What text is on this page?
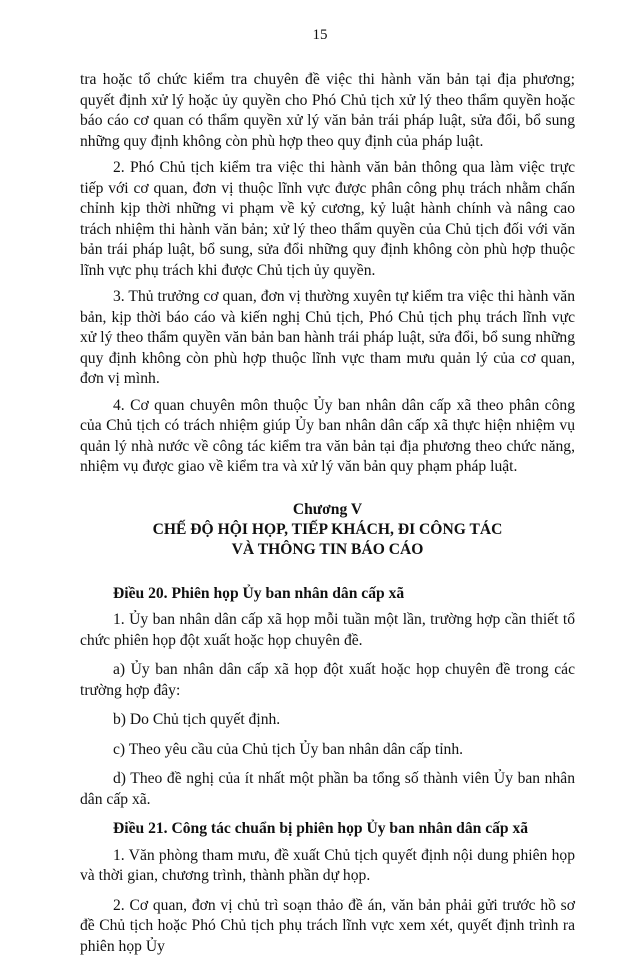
15

tra hoặc tổ chức kiểm tra chuyên đề việc thi hành văn bản tại địa phương; quyết định xử lý hoặc ủy quyền cho Phó Chủ tịch xử lý theo thẩm quyền hoặc báo cáo cơ quan có thẩm quyền xử lý văn bản trái pháp luật, sửa đổi, bổ sung những quy định không còn phù hợp theo quy định của pháp luật.

2. Phó Chủ tịch kiểm tra việc thi hành văn bản thông qua làm việc trực tiếp với cơ quan, đơn vị thuộc lĩnh vực được phân công phụ trách nhằm chấn chỉnh kịp thời những vi phạm về kỷ cương, kỷ luật hành chính và nâng cao trách nhiệm thi hành văn bản; xử lý theo thẩm quyền của Chủ tịch đối với văn bản trái pháp luật, bổ sung, sửa đổi những quy định không còn phù hợp thuộc lĩnh vực phụ trách khi được Chủ tịch ủy quyền.

3. Thủ trưởng cơ quan, đơn vị thường xuyên tự kiểm tra việc thi hành văn bản, kịp thời báo cáo và kiến nghị Chủ tịch, Phó Chủ tịch phụ trách lĩnh vực xử lý theo thẩm quyền văn bản ban hành trái pháp luật, sửa đổi, bổ sung những quy định không còn phù hợp thuộc lĩnh vực tham mưu quản lý của cơ quan, đơn vị mình.

4. Cơ quan chuyên môn thuộc Ủy ban nhân dân cấp xã theo phân công của Chủ tịch có trách nhiệm giúp Ủy ban nhân dân cấp xã thực hiện nhiệm vụ quản lý nhà nước về công tác kiểm tra văn bản tại địa phương theo chức năng, nhiệm vụ được giao về kiểm tra và xử lý văn bản quy phạm pháp luật.

Chương V
CHẾ ĐỘ HỘI HỌP, TIẾP KHÁCH, ĐI CÔNG TÁC
VÀ THÔNG TIN BÁO CÁO

Điều 20. Phiên họp Ủy ban nhân dân cấp xã

1. Ủy ban nhân dân cấp xã họp mỗi tuần một lần, trường hợp cần thiết tổ chức phiên họp đột xuất hoặc họp chuyên đề.

a) Ủy ban nhân dân cấp xã họp đột xuất hoặc họp chuyên đề trong các trường hợp đây:

b) Do Chủ tịch quyết định.

c) Theo yêu cầu của Chủ tịch Ủy ban nhân dân cấp tỉnh.

d) Theo đề nghị của ít nhất một phần ba tổng số thành viên Ủy ban nhân dân cấp xã.

Điều 21. Công tác chuẩn bị phiên họp Ủy ban nhân dân cấp xã

1. Văn phòng tham mưu, đề xuất Chủ tịch quyết định nội dung phiên họp và thời gian, chương trình, thành phần dự họp.

2. Cơ quan, đơn vị chủ trì soạn thảo đề án, văn bản phải gửi trước hồ sơ đề Chủ tịch hoặc Phó Chủ tịch phụ trách lĩnh vực xem xét, quyết định trình ra phiên họp Ủy
